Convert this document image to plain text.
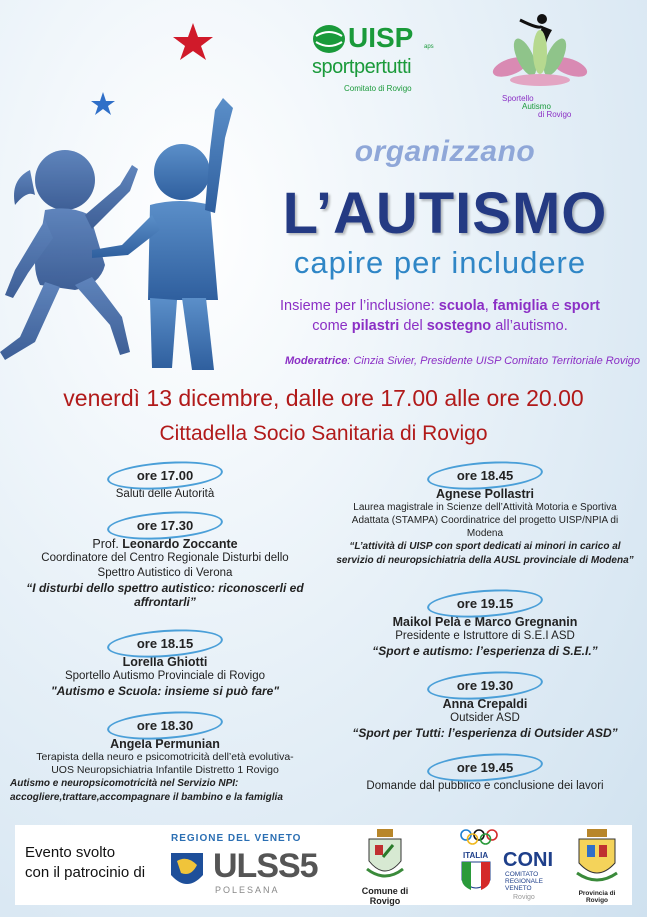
UISP aps
sportpertutti
Comitato di Rovigo
Sportello
Autismo
di Rovigo
organizzano
L’AUTISMO
capire per includere
Insieme per l’inclusione: scuola, famiglia e sport
come pilastri del sostegno all’autismo.
Moderatrice: Cinzia Sivier, Presidente UISP Comitato Territoriale Rovigo
venerdì 13 dicembre, dalle ore 17.00 alle ore 20.00
Cittadella Socio Sanitaria di Rovigo
ore 17.00
Saluti delle Autorità
ore 17.30
Prof. Leonardo Zoccante
Coordinatore del Centro Regionale Disturbi dello
Spettro Autistico di Verona
“I disturbi dello spettro autistico: riconoscerli ed affrontarli”
ore 18.15
Lorella Ghiotti
Sportello Autismo Provinciale di Rovigo
"Autismo e Scuola: insieme si può fare"
ore 18.30
Angela Permunian
Terapista della neuro e psicomotricità dell’età evolutiva-
UOS Neuropsichiatria Infantile Distretto 1 Rovigo
Autismo e neuropsicomotricità nel Servizio NPI: accogliere,trattare,accompagnare il bambino e la famiglia
ore 18.45
Agnese Pollastri
Laurea magistrale in Scienze dell’Attività Motoria e Sportiva
Adattata (STAMPA) Coordinatrice del progetto UISP/NPIA di
Modena
“L’attività di UISP con sport dedicati ai minori in carico al servizio di neuropsichiatria della AUSL provinciale di Modena”
ore 19.15
Maikol Pelà e Marco Gregnanin
Presidente e Istruttore di S.E.I ASD
“Sport e autismo: l’esperienza di S.E.I.”
ore 19.30
Anna Crepaldi
Outsider ASD
“Sport per Tutti: l’esperienza di Outsider ASD”
ore 19.45
Domande dal pubblico e conclusione dei lavori
Evento svolto
con il patrocinio di
REGIONE DEL VENETO
ULSS5
POLESANA	Comune di Rovigo
ITALIA CONI
COMITATO
REGIONALE
VENETO
Rovigo
Provincia di Rovigo
